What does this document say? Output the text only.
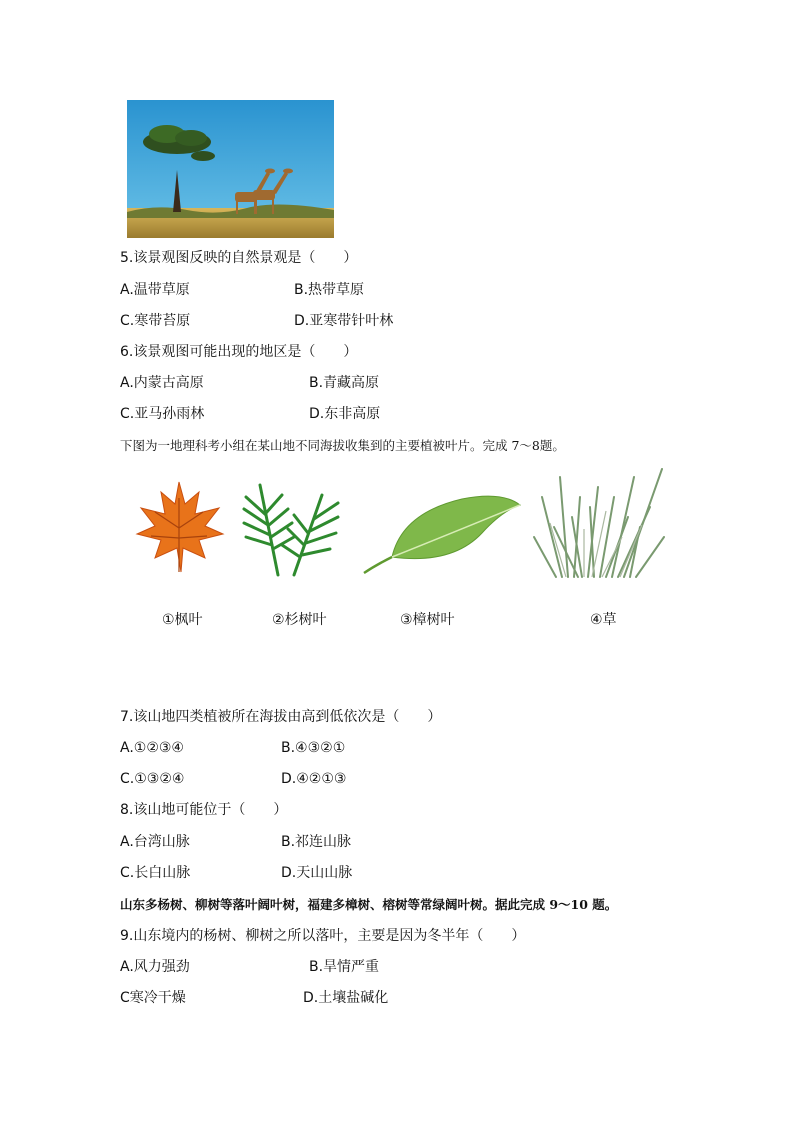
5.该景观图反映的自然景观是（　　）
A.温带草原	B.热带草原
C.寒带苔原	D.亚寒带针叶林
6.该景观图可能出现的地区是（　　）
A.内蒙古高原	B.青藏高原
C.亚马孙雨林	D.东非高原
下图为一地理科考小组在某山地不同海拔收集到的主要植被叶片。完成 7～8题。
①枫叶	②杉树叶	③樟树叶	④草
7.该山地四类植被所在海拔由高到低依次是（　　）
A.①②③④	B.④③②①
C.①③②④	D.④②①③
8.该山地可能位于（　　）
A.台湾山脉	B.祁连山脉
C.长白山脉	D.天山山脉
山东多杨树、柳树等落叶阔叶树，福建多樟树、榕树等常绿阔叶树。据此完成 9～10 题。
9.山东境内的杨树、柳树之所以落叶，主要是因为冬半年（　　）
A.风力强劲	B.旱情严重
C寒冷干燥	D.土壤盐碱化
